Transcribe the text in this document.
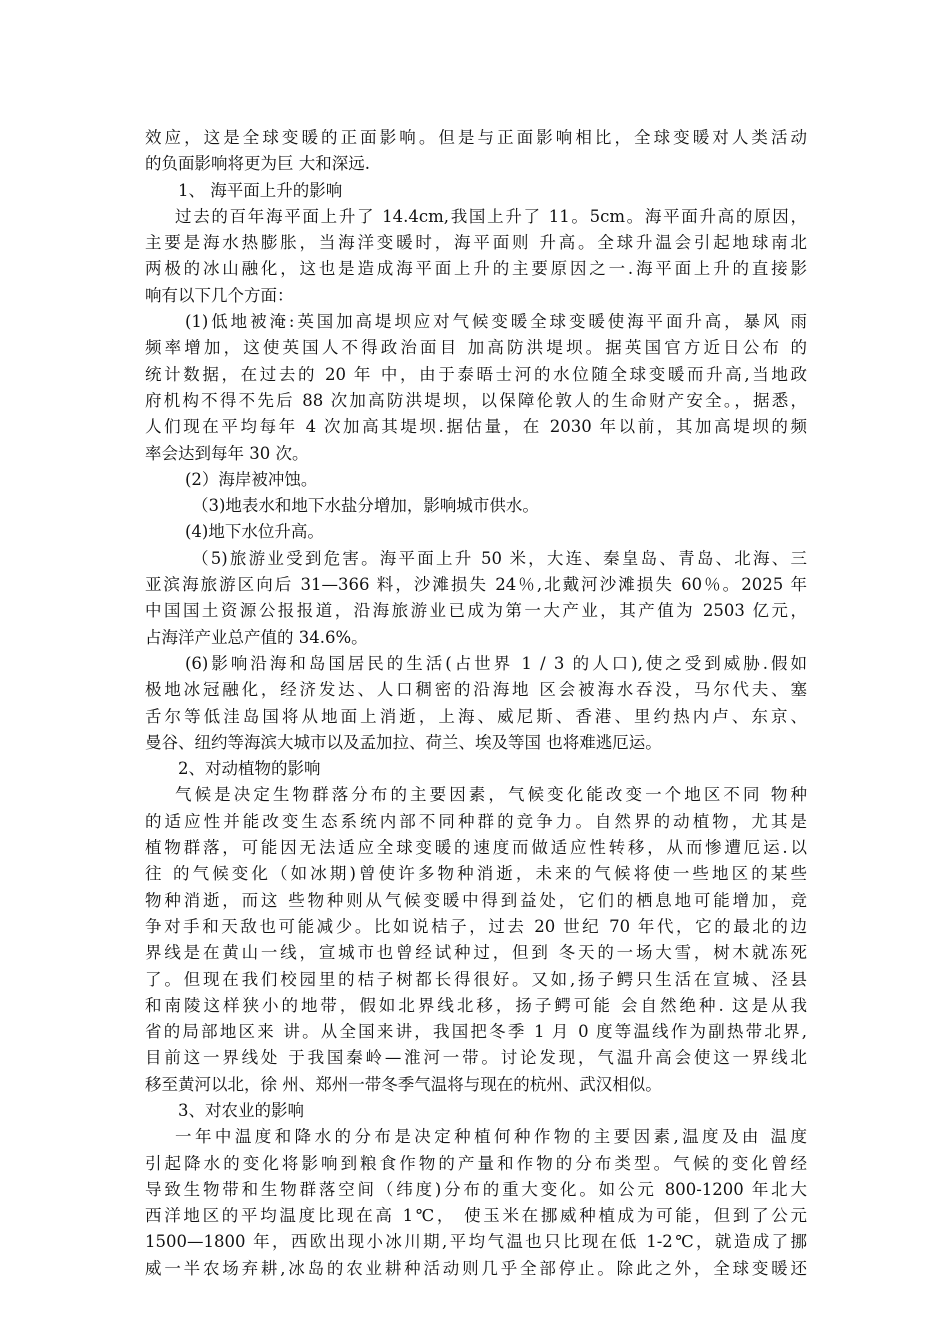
效应，这是全球变暖的正面影响。但是与正面影响相比，全球变暖对人类活动
的负面影响将更为巨 大和深远.
1、 海平面上升的影响
过去的百年海平面上升了 14.4cm,我国上升了 11。5cm。海平面升高的原因，
主要是海水热膨胀，当海洋变暖时，海平面则 升高。全球升温会引起地球南北
两极的冰山融化，这也是造成海平面上升的主要原因之一.海平面上升的直接影
响有以下几个方面：
(1)低地被淹:英国加高堤坝应对气候变暖全球变暖使海平面升高，暴风 雨
频率增加，这使英国人不得政治面目 加高防洪堤坝。据英国官方近日公布 的
统计数据，在过去的 20 年 中，由于泰晤士河的水位随全球变暖而升高,当地政
府机构不得不先后 88 次加高防洪堤坝，以保障伦敦人的生命财产安全。，据悉，
人们现在平均每年 4 次加高其堤坝.据估量，在 2030 年以前，其加高堤坝的频
率会达到每年 30 次。
(2）海岸被冲蚀。
（3)地表水和地下水盐分增加，影响城市供水。
(4)地下水位升高。
（5)旅游业受到危害。海平面上升 50 米，大连、秦皇岛、青岛、北海、三
亚滨海旅游区向后 31—366 料，沙滩损失 24％,北戴河沙滩损失 60％。2025 年
中国国土资源公报报道，沿海旅游业已成为第一大产业，其产值为 2503 亿元，
占海洋产业总产值的 34.6%。
(6)影响沿海和岛国居民的生活(占世界 1 / 3 的人口),使之受到威胁.假如
极地冰冠融化，经济发达、人口稠密的沿海地 区会被海水吞没，马尔代夫、塞
舌尔等低洼岛国将从地面上消逝，上海、威尼斯、香港、里约热内卢、东京、
曼谷、纽约等海滨大城市以及孟加拉、荷兰、埃及等国 也将难逃厄运。
2、对动植物的影响
气候是决定生物群落分布的主要因素，气候变化能改变一个地区不同 物种
的适应性并能改变生态系统内部不同种群的竞争力。自然界的动植物，尤其是
植物群落，可能因无法适应全球变暖的速度而做适应性转移，从而惨遭厄运.以
往 的气候变化（如冰期)曾使许多物种消逝，未来的气候将使一些地区的某些
物种消逝，而这 些物种则从气候变暖中得到益处，它们的栖息地可能增加，竞
争对手和天敌也可能减少。比如说桔子，过去 20 世纪 70 年代，它的最北的边
界线是在黄山一线，宣城市也曾经试种过，但到 冬天的一场大雪，树木就冻死
了。但现在我们校园里的桔子树都长得很好。又如,扬子鳄只生活在宣城、泾县
和南陵这样狭小的地带，假如北界线北移，扬子鳄可能 会自然绝种. 这是从我
省的局部地区来 讲。从全国来讲，我国把冬季 1 月 0 度等温线作为副热带北界,
目前这一界线处 于我国秦岭—淮河一带。讨论发现，气温升高会使这一界线北
移至黄河以北，徐 州、郑州一带冬季气温将与现在的杭州、武汉相似。
3、对农业的影响
一年中温度和降水的分布是决定种植何种作物的主要因素,温度及由 温度
引起降水的变化将影响到粮食作物的产量和作物的分布类型。气候的变化曾经
导致生物带和生物群落空间（纬度)分布的重大变化。如公元 800-1200 年北大
西洋地区的平均温度比现在高 1℃， 使玉米在挪威种植成为可能，但到了公元
1500—1800 年，西欧出现小冰川期,平均气温也只比现在低 1-2℃，就造成了挪
威一半农场弃耕,冰岛的农业耕种活动则几乎全部停止。除此之外，全球变暖还
